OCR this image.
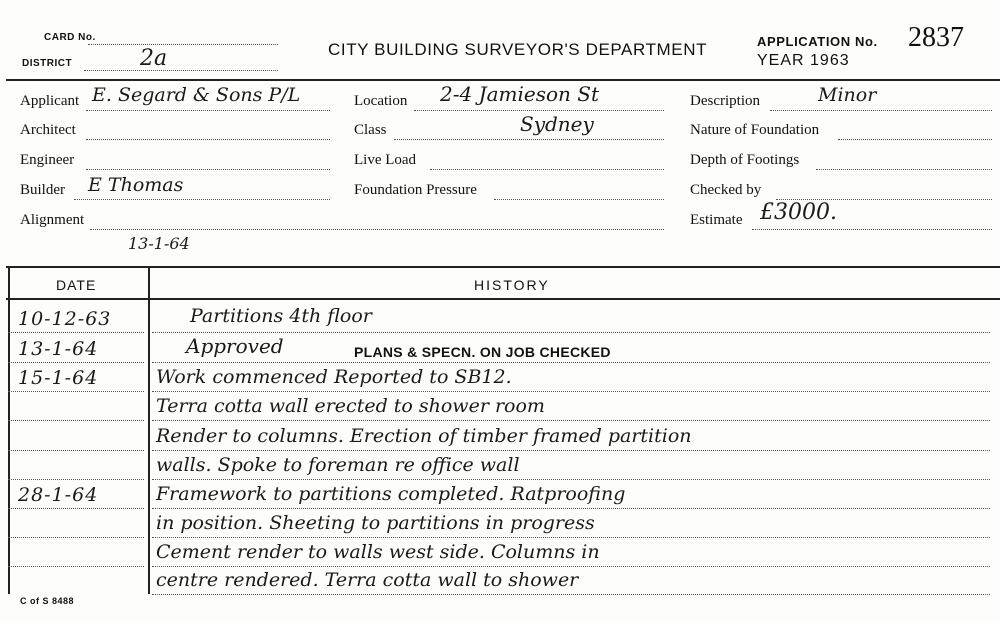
CARD No.
DISTRICT	2a	CITY BUILDING SURVEYOR'S DEPARTMENT	APPLICATION No. 2837
YEAR 1963
Applicant E. Segard & Sons P/L
Architect
Engineer
Builder E Thomas
Alignment
13-1-64
Location 2-4 Jamieson St
Class	Sydney
Live Load
Foundation Pressure
Description	Minor
Nature of Foundation
Depth of Footings
Checked by
Estimate £3000.
DATE	HISTORY
10-12-63	Partitions 4th floor
13-1-64	Approved	PLANS & SPECN. ON JOB CHECKED
15-1-64	Work commenced Reported to SB12.
Terra cotta wall erected to shower room
Render to columns. Erection of timber framed partition
walls. Spoke to foreman re office wall
28-1-64	Framework to partitions completed. Ratproofing
in position. Sheeting to partitions in progress
Cement render to walls west side. Columns in
centre rendered. Terra cotta wall to shower
C of S 8488
